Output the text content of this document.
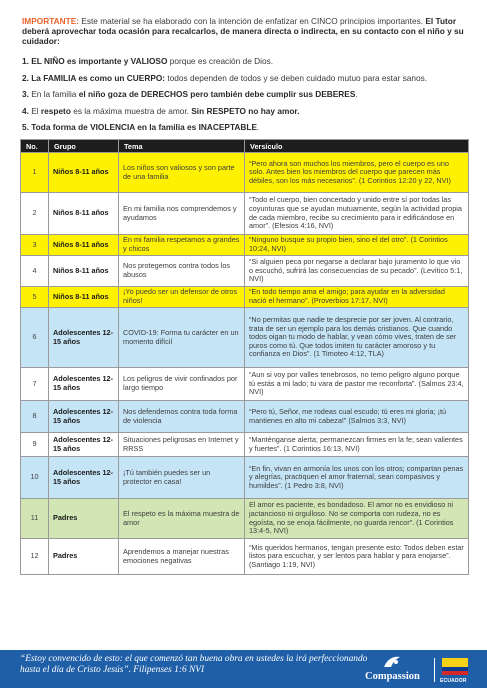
IMPORTANTE: Este material se ha elaborado con la intención de enfatizar en CINCO principios importantes. El Tutor deberá aprovechar toda ocasión para recalcarlos, de manera directa o indirecta, en su contacto con el niño y su cuidador:
1. EL NIÑO es importante y VALIOSO porque es creación de Dios.
2. La FAMILIA es como un CUERPO: todos dependen de todos y se deben cuidado mutuo para estar sanos.
3. En la familia el niño goza de DERECHOS pero también debe cumplir sus DEBERES.
4. El respeto es la máxima muestra de amor. Sin RESPETO no hay amor.
5. Toda forma de VIOLENCIA en la familia es INACEPTABLE.
No.	Grupo	Tema	Versículo
1	Niños 8-11 años	Los niños son valiosos y son parte de una familia	“Pero ahora son muchos los miembros, pero el cuerpo es uno solo. Antes bien los miembros del cuerpo que parecen más débiles, son los más necesarios”. (1 Corintios 12:20 y 22, NVI)
2	Niños 8-11 años	En mi familia nos comprendemos y ayudamos	“Todo el cuerpo, bien concertado y unido entre sí por todas las coyunturas que se ayudan mutuamente, según la actividad propia de cada miembro, recibe su crecimiento para ir edificándose en amor”. (Efesios 4:16, NVI)
3	Niños 8-11 años	En mi familia respetamos a grandes y chicos	“Ninguno busque su propio bien, sino el del otro”. (1 Corintios 10:24, NVI)
4	Niños 8-11 años	Nos protegemos contra todos los abusos	“Si alguien peca por negarse a declarar bajo juramento lo que vio o escuchó, sufrirá las consecuencias de su pecado”. (Levítico 5:1, NVI)
5	Niños 8-11 años	¡Yo puedo ser un defensor de otros niños!	“En todo tiempo ama el amigo; para ayudar en la adversidad nació el hermano”. (Proverbios 17:17, NVI)
6	Adolescentes 12-15 años	COVID-19: Forma tu carácter en un momento difícil	“No permitas que nadie te desprecie por ser joven. Al contrario, trata de ser un ejemplo para los demás cristianos. Que cuando todos oigan tu modo de hablar, y vean cómo vives, traten de ser puros como tú. Que todos imiten tu carácter amoroso y tu confianza en Dios”. (1 Timoteo 4:12, TLA)
7	Adolescentes 12-15 años	Los peligros de vivir confinados por largo tiempo	“Aun si voy por valles tenebrosos, no temo peligro alguno porque tú estás a mi lado; tu vara de pastor me reconforta”. (Salmos 23:4, NVI)
8	Adolescentes 12-15 años	Nos defendemos contra toda forma de violencia	“Pero tú, Señor, me rodeas cual escudo; tú eres mi gloria; ¡tú mantienes en alto mi cabeza!” (Salmos 3:3, NVI)
9	Adolescentes 12-15 años	Situaciones peligrosas en Internet y RRSS	“Manténganse alerta; permanezcan firmes en la fe; sean valientes y fuertes”. (1 Corintios 16:13, NVI)
10	Adolescentes 12-15 años	¡Tú también puedes ser un protector en casa!	“En fin, vivan en armonía los unos con los otros; compartan penas y alegrías, practiquen el amor fraternal, sean compasivos y humildes”. (1 Pedro 3:8, NVI)
11	Padres	El respeto es la máxima muestra de amor	El amor es paciente, es bondadoso. El amor no es envidioso ni jactancioso ni orgulloso. No se comporta con rudeza, no es egoísta, no se enoja fácilmente, no guarda rencor”. (1 Corintios 13:4-5, NVI)
12	Padres	Aprendemos a manejar nuestras emociones negativas	“Mis queridos hermanos, tengan presente esto: Todos deben estar listos para escuchar, y ser lentos para hablar y para enojarse”. (Santiago 1:19, NVI)
“Estoy convencido de esto: el que comenzó tan buena obra en ustedes la irá perfeccionando hasta el día de Cristo Jesús”. Filipenses 1:6 NVI
Compassion	ECUADOR
